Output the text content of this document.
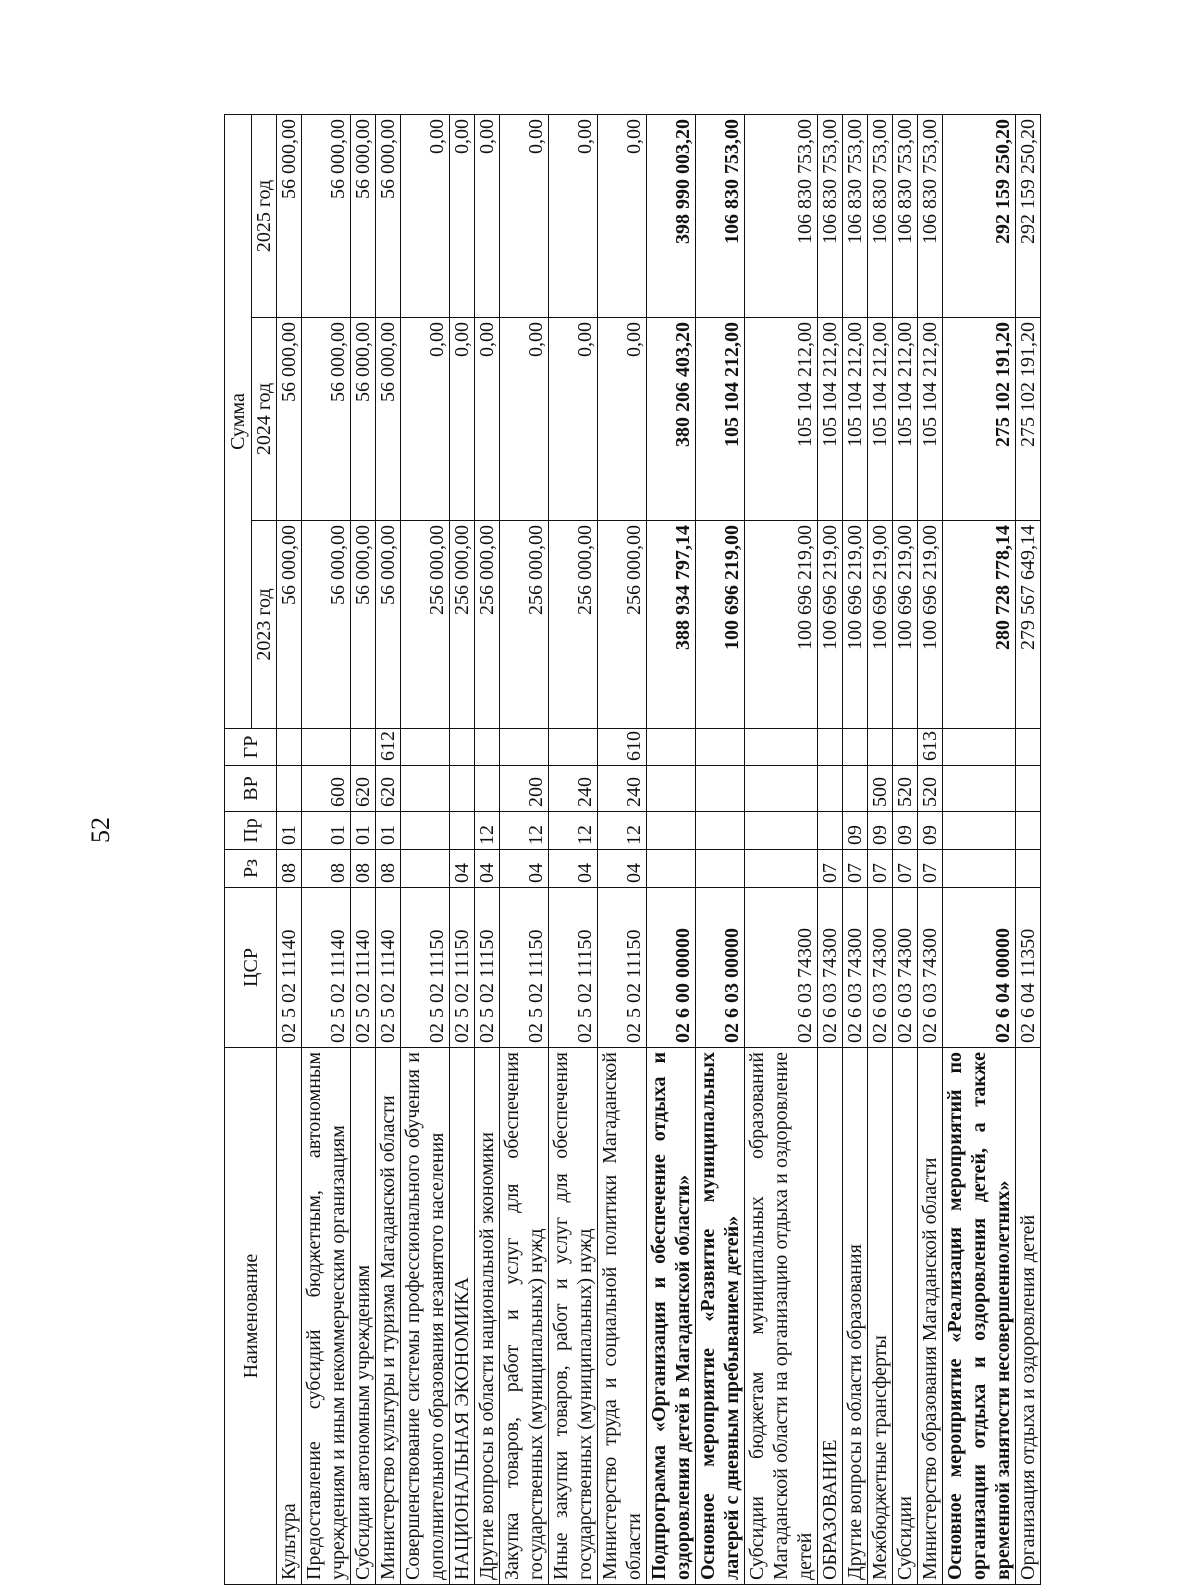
52
Наименование	ЦСР	Рз	Пр	ВР	ГР	Сумма		
						2023 год	2024 год	2025 год
Культура	02 5 02 11140	08	01			56 000,00	56 000,00	56 000,00
Предоставление субсидий бюджетным, автономным учреждениям и иным некоммерческим организациям	02 5 02 11140	08	01	600		56 000,00	56 000,00	56 000,00
Субсидии автономным учреждениям	02 5 02 11140	08	01	620		56 000,00	56 000,00	56 000,00
Министерство культуры и туризма Магаданской области	02 5 02 11140	08	01	620	612	56 000,00	56 000,00	56 000,00
Совершенствование системы профессионального обучения и дополнительного образования незанятого населения	02 5 02 11150					256 000,00	0,00	0,00
НАЦИОНАЛЬНАЯ ЭКОНОМИКА	02 5 02 11150	04				256 000,00	0,00	0,00
Другие вопросы в области национальной экономики	02 5 02 11150	04	12			256 000,00	0,00	0,00
Закупка товаров, работ и услуг для обеспечения государственных (муниципальных) нужд	02 5 02 11150	04	12	200		256 000,00	0,00	0,00
Иные закупки товаров, работ и услуг для обеспечения государственных (муниципальных) нужд	02 5 02 11150	04	12	240		256 000,00	0,00	0,00
Министерство труда и социальной политики Магаданской области	02 5 02 11150	04	12	240	610	256 000,00	0,00	0,00
Подпрограмма «Организация и обеспечение отдыха и оздоровления детей в Магаданской области»	02 6 00 00000					388 934 797,14	380 206 403,20	398 990 003,20
Основное мероприятие «Развитие муниципальных лагерей с дневным пребыванием детей»	02 6 03 00000					100 696 219,00	105 104 212,00	106 830 753,00
Субсидии бюджетам муниципальных образований Магаданской области на организацию отдыха и оздоровление детей	02 6 03 74300					100 696 219,00	105 104 212,00	106 830 753,00
ОБРАЗОВАНИЕ	02 6 03 74300	07				100 696 219,00	105 104 212,00	106 830 753,00
Другие вопросы в области образования	02 6 03 74300	07	09			100 696 219,00	105 104 212,00	106 830 753,00
Межбюджетные трансферты	02 6 03 74300	07	09	500		100 696 219,00	105 104 212,00	106 830 753,00
Субсидии	02 6 03 74300	07	09	520		100 696 219,00	105 104 212,00	106 830 753,00
Министерство образования Магаданской области	02 6 03 74300	07	09	520	613	100 696 219,00	105 104 212,00	106 830 753,00
Основное мероприятие «Реализация мероприятий по организации отдыха и оздоровления детей, а также временной занятости несовершеннолетних»	02 6 04 00000					280 728 778,14	275 102 191,20	292 159 250,20
Организация отдыха и оздоровления детей	02 6 04 11350					279 567 649,14	275 102 191,20	292 159 250,20
